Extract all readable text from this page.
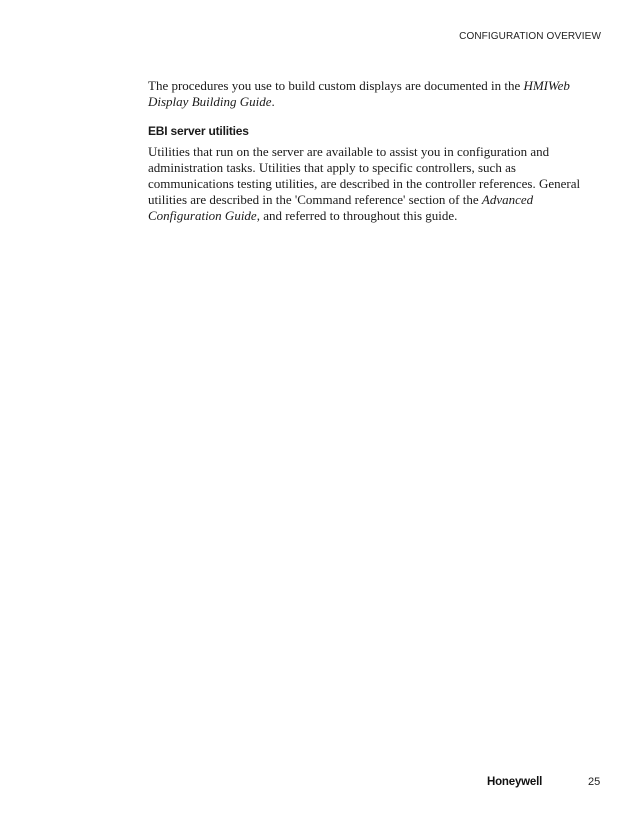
CONFIGURATION OVERVIEW

The procedures you use to build custom displays are documented in the HMIWeb Display Building Guide.

EBI server utilities

Utilities that run on the server are available to assist you in configuration and administration tasks. Utilities that apply to specific controllers, such as communications testing utilities, are described in the controller references. General utilities are described in the 'Command reference' section of the Advanced Configuration Guide, and referred to throughout this guide.

Honeywell	25
